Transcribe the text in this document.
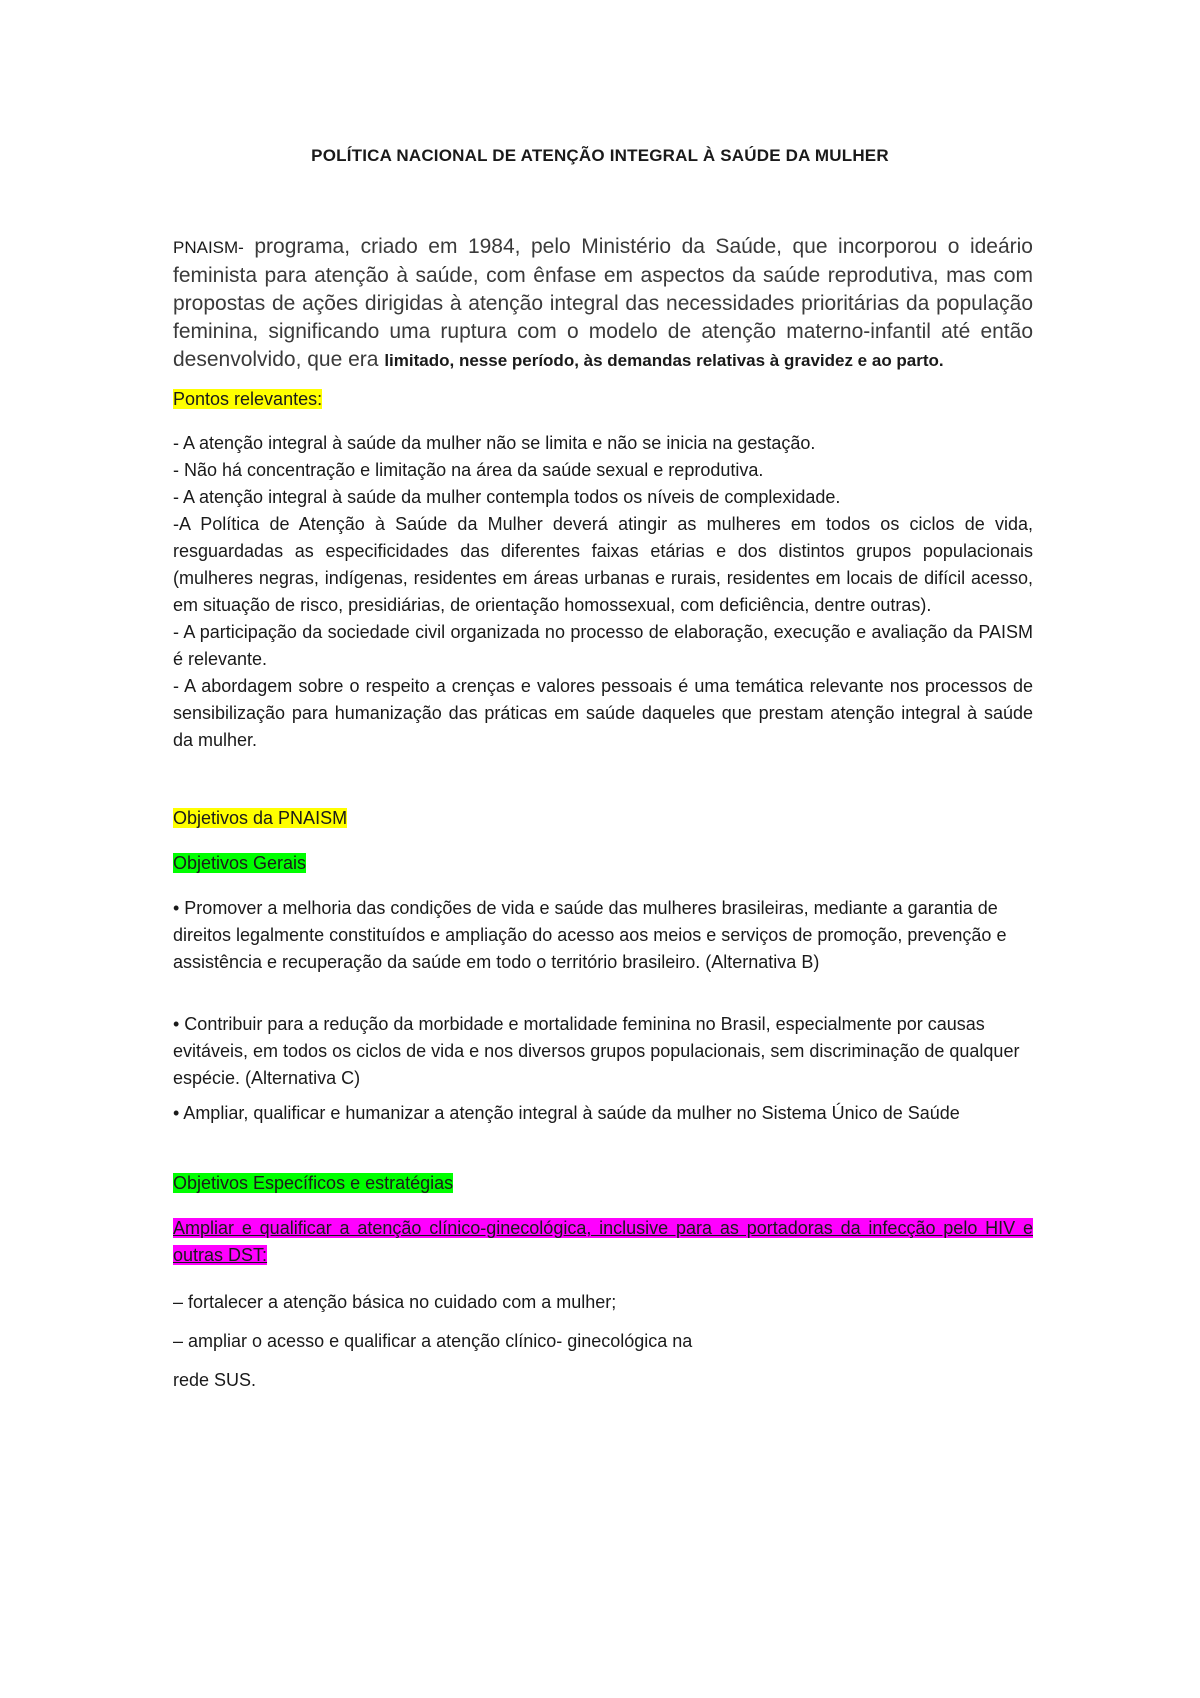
POLÍTICA NACIONAL DE ATENÇÃO INTEGRAL À SAÚDE DA MULHER
PNAISM- programa, criado em 1984, pelo Ministério da Saúde, que incorporou o ideário feminista para atenção à saúde, com ênfase em aspectos da saúde reprodutiva, mas com propostas de ações dirigidas à atenção integral das necessidades prioritárias da população feminina, significando uma ruptura com o modelo de atenção materno-infantil até então desenvolvido, que era limitado, nesse período, às demandas relativas à gravidez e ao parto.
Pontos relevantes:

- A atenção integral à saúde da mulher não se limita e não se inicia na gestação.

- Não há concentração e limitação na área da saúde sexual e reprodutiva.

- A atenção integral à saúde da mulher contempla todos os níveis de complexidade.

-A Política de Atenção à Saúde da Mulher deverá atingir as mulheres em todos os ciclos de vida, resguardadas as especificidades das diferentes faixas etárias e dos distintos grupos populacionais (mulheres negras, indígenas, residentes em áreas urbanas e rurais, residentes em locais de difícil acesso, em situação de risco, presidiárias, de orientação homossexual, com deficiência, dentre outras).

- A participação da sociedade civil organizada no processo de elaboração, execução e avaliação da PAISM é relevante.

- A abordagem sobre o respeito a crenças e valores pessoais é uma temática relevante nos processos de sensibilização para humanização das práticas em saúde daqueles que prestam atenção integral à saúde da mulher.

Objetivos da PNAISM
Objetivos Gerais
• Promover a melhoria das condições de vida e saúde das mulheres brasileiras, mediante a garantia de direitos legalmente constituídos e ampliação do acesso aos meios e serviços de promoção, prevenção e assistência e recuperação da saúde em todo o território brasileiro. (Alternativa B)
• Contribuir para a redução da morbidade e mortalidade feminina no Brasil, especialmente por causas evitáveis, em todos os ciclos de vida e nos diversos grupos populacionais, sem discriminação de qualquer espécie. (Alternativa C)
• Ampliar, qualificar e humanizar a atenção integral à saúde da mulher no Sistema Único de Saúde
Objetivos Específicos e estratégias
Ampliar e qualificar a atenção clínico-ginecológica, inclusive para as portadoras da infecção pelo HIV e outras DST:
– fortalecer a atenção básica no cuidado com a mulher;
– ampliar o acesso e qualificar a atenção clínico- ginecológica na
rede SUS.
